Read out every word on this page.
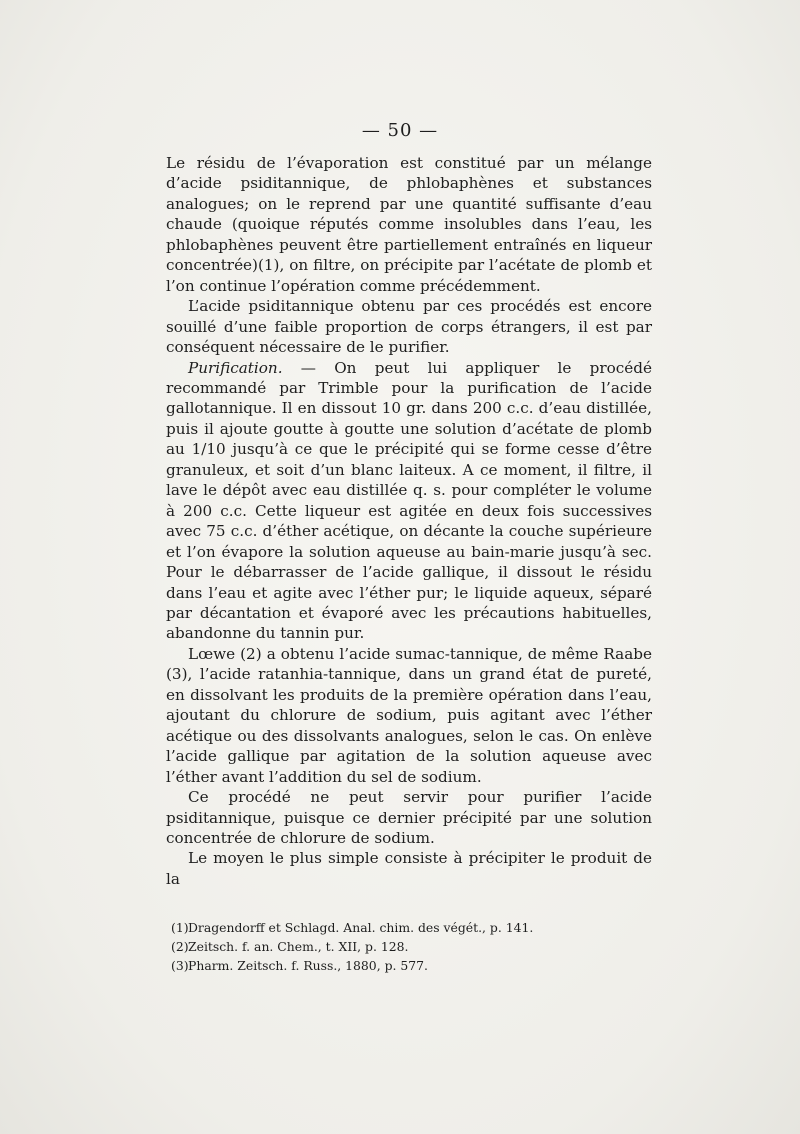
— 50 —

Le résidu de l’évaporation est constitué par un mélange d’acide psiditannique, de phlobaphènes et substances analogues; on le reprend par une quantité suffisante d’eau chaude (quoique réputés comme insolubles dans l’eau, les phlobaphènes peuvent être partiellement entraînés en liqueur concentrée)(1), on filtre, on précipite par l’acétate de plomb et l’on continue l’opération comme précédemment.

L’acide psiditannique obtenu par ces procédés est encore souillé d’une faible proportion de corps étrangers, il est par conséquent nécessaire de le purifier.

Purification. — On peut lui appliquer le procédé recommandé par Trimble pour la purification de l’acide gallotannique. Il en dissout 10 gr. dans 200 c.c. d’eau distillée, puis il ajoute goutte à goutte une solution d’acétate de plomb au 1/10 jusqu’à ce que le précipité qui se forme cesse d’être granuleux, et soit d’un blanc laiteux. A ce moment, il filtre, il lave le dépôt avec eau distillée q. s. pour compléter le volume à 200 c.c. Cette liqueur est agitée en deux fois successives avec 75 c.c. d’éther acétique, on décante la couche supérieure et l’on évapore la solution aqueuse au bain-marie jusqu’à sec. Pour le débarrasser de l’acide gallique, il dissout le résidu dans l’eau et agite avec l’éther pur; le liquide aqueux, séparé par décantation et évaporé avec les précautions habituelles, abandonne du tannin pur.

Lœwe (2) a obtenu l’acide sumac-tannique, de même Raabe (3), l’acide ratanhia-tannique, dans un grand état de pureté, en dissolvant les produits de la première opération dans l’eau, ajoutant du chlorure de sodium, puis agitant avec l’éther acétique ou des dissolvants analogues, selon le cas. On enlève l’acide gallique par agitation de la solution aqueuse avec l’éther avant l’addition du sel de sodium.

Ce procédé ne peut servir pour purifier l’acide psiditannique, puisque ce dernier précipité par une solution concentrée de chlorure de sodium.

Le moyen le plus simple consiste à précipiter le produit de la

(1)Dragendorff et Schlagd. Anal. chim. des végét., p. 141.
(2)Zeitsch. f. an. Chem., t. XII, p. 128.
(3)Pharm. Zeitsch. f. Russ., 1880, p. 577.
